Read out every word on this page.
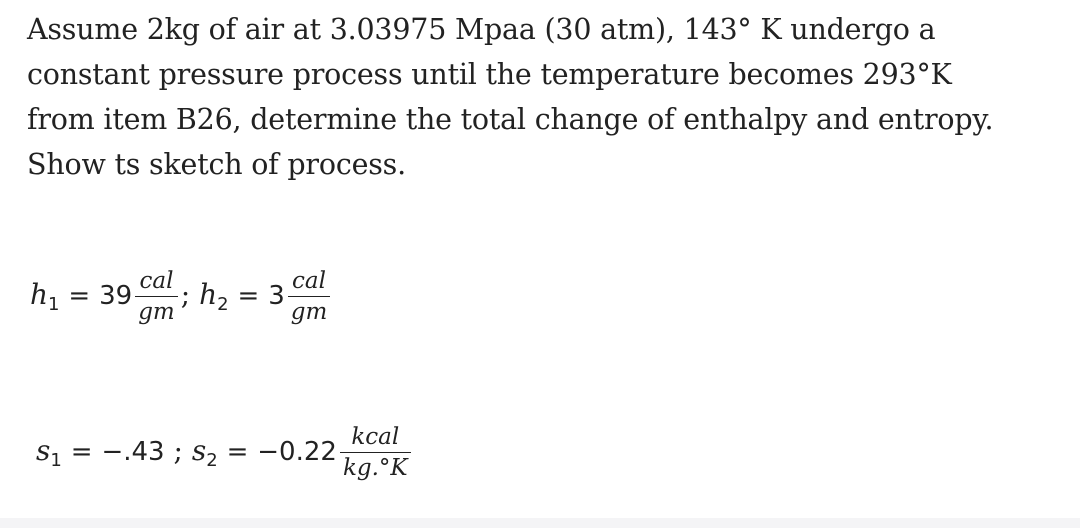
Assume 2kg of air at 3.03975 Mpaa (30 atm), 143° K undergo a
constant pressure process until the temperature becomes 293°K
from item B26, determine the total change of enthalpy and entropy.
Show ts sketch of process.
$h_1 = 39 \frac{\text{cal}}{gm}$ ; $h_2 = 3 \frac{\text{cal}}{gm}$
$s_1 = -.43$ ; $s_2 = -0.22 \frac{\text{kcal}}{kg.^\circ K}$
